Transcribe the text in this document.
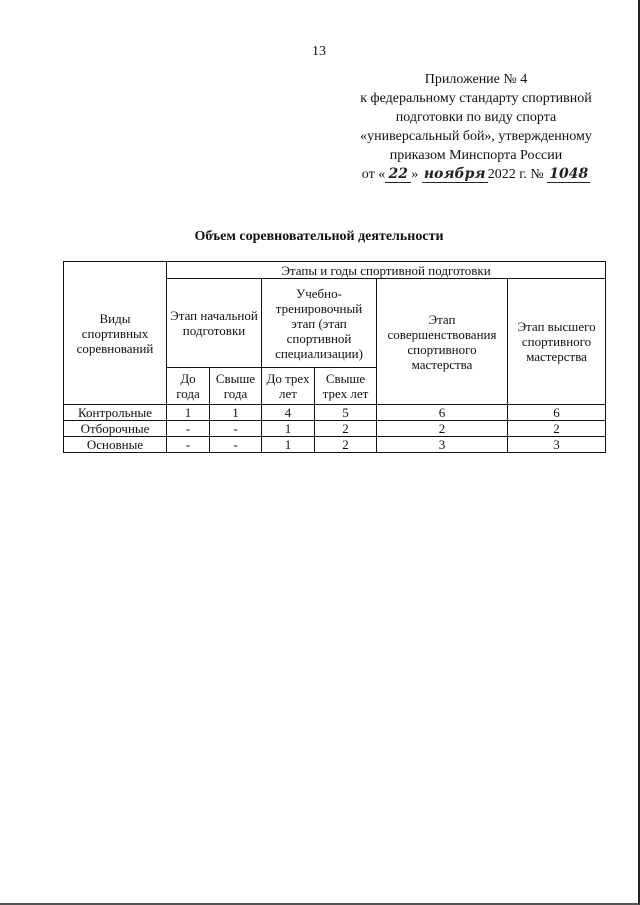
13
Приложение № 4
к федеральному стандарту спортивной
подготовки по виду спорта
«универсальный бой», утвержденному
приказом Минспорта России
от « 22 » ноября 2022 г. № 1048
Объем соревновательной деятельности
Виды спортивных соревнований	Этапы и годы спортивной подготовки					
	Этап начальной подготовки		Учебно-тренировочный этап (этап спортивной специализации)		Этап совершенствования спортивного мастерства	Этап высшего спортивного мастерства
	До года	Свыше года	До трех лет	Свыше трех лет		
Контрольные	1	1	4	5	6	6
Отборочные	-	-	1	2	2	2
Основные	-	-	1	2	3	3
